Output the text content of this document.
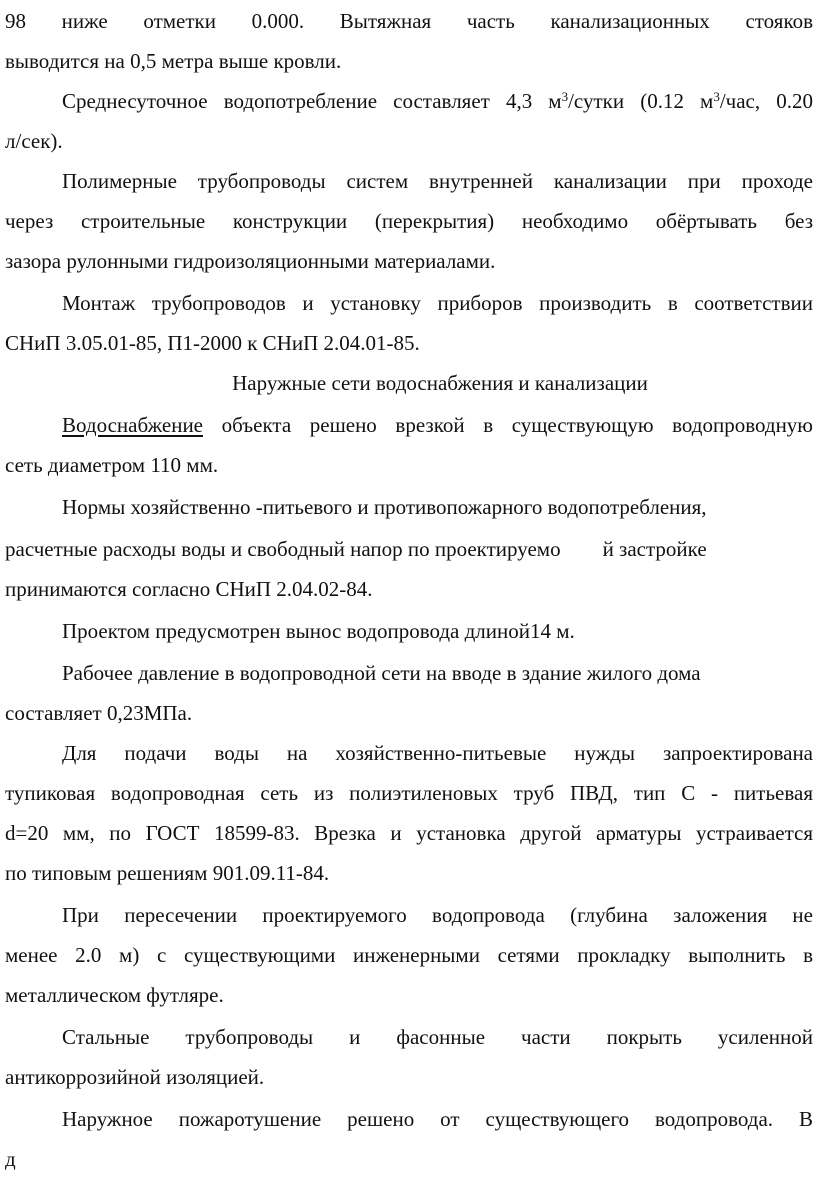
98 ниже отметки 0.000. Вытяжная часть канализационных стояков
выводится на 0,5 метра выше кровли.
Среднесуточное водопотребление составляет 4,3 $м^3$/сутки (0.12 $м^3$/час, 0.20
л/сек).
Полимерные трубопроводы систем внутренней канализации при проходе
через строительные конструкции (перекрытия) необходимо обёртывать без
зазора рулонными гидроизоляционными материалами.
Монтаж трубопроводов и установку приборов производить в соответствии
СНиП 3.05.01-85, П1-2000 к СНиП 2.04.01-85.
Наружные сети водоснабжения и канализации
Водоснабжение объекта решено врезкой в существующую водопроводную
сеть диаметром 110 мм.
Нормы хозяйственно -питьевого и противопожарного водопотребления,
расчетные расходы воды и свободный напор по проектируемо        й застройке
принимаются согласно СНиП 2.04.02-84.
Проектом предусмотрен вынос водопровода длиной14 м.
Рабочее давление в водопроводной сети на вводе в здание жилого дома
составляет 0,23МПа.
Для подачи воды на хозяйственно-питьевые нужды запроектирована
тупиковая водопроводная сеть из полиэтиленовых труб ПВД, тип С - питьевая
d=20 мм, по ГОСТ 18599-83. Врезка и установка другой арматуры устраивается
по типовым решениям 901.09.11-84.
При пересечении проектируемого водопровода (глубина заложения не
менее 2.0 м) с существующими инженерными сетями прокладку выполнить в
металлическом футляре.
Стальные трубопроводы и фасонные части покрыть усиленной
антикоррозийной изоляцией.
Наружное пожаротушение решено от существующего водопровода. В
д
